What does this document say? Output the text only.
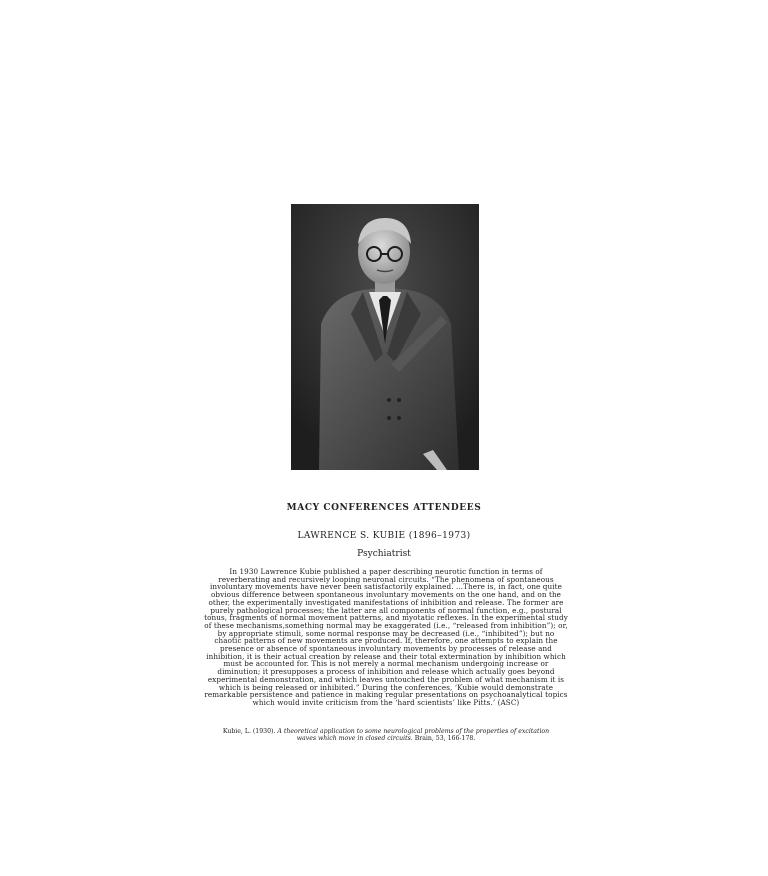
MACY CONFERENCES ATTENDEES
LAWRENCE S. KUBIE (1896–1973)
Psychiatrist
In 1930 Lawrence Kubie published a paper describing neurotic function in terms of reverberating and recursively looping neuronal circuits. “The phenomena of spontaneous involuntary movements have never been satisfactorily explained. ...There is, in fact, one quite obvious difference between spontaneous involuntary movements on the one hand, and on the other, the experimentally investigated manifestations of inhibition and release. The former are purely pathological processes; the latter are all components of normal function, e.g., postural tonus, fragments of normal movement patterns, and myotatic reflexes. In the experimental study of these mechanisms,something normal may be exaggerated (i.e., “released from inhibition”); or, by appropriate stimuli, some normal response may be decreased (i.e., “inhibited”); but no chaotic patterns of new movements are produced. If, therefore, one attempts to explain the presence or absence of spontaneous involuntary movements by processes of release and inhibition, it is their actual creation by release and their total extermination by inhibition which must be accounted for. This is not merely a normal mechanism undergoing increase or diminution; it presupposes a process of inhibition and release which actually goes beyond experimental demonstration, and which leaves untouched the problem of what mechanism it is which is being released or inhibited.” During the conferences, ‘Kubie would demonstrate remarkable persistence and patience in making regular presentations on psychoanalytical topics which would invite criticism from the ‘hard scientists’ like Pitts.’ (ASC)
Kubie, L. (1930). A theoretical application to some neurological problems of the properties of excitation waves which move in closed circuits. Brain, 53, 166-178.
